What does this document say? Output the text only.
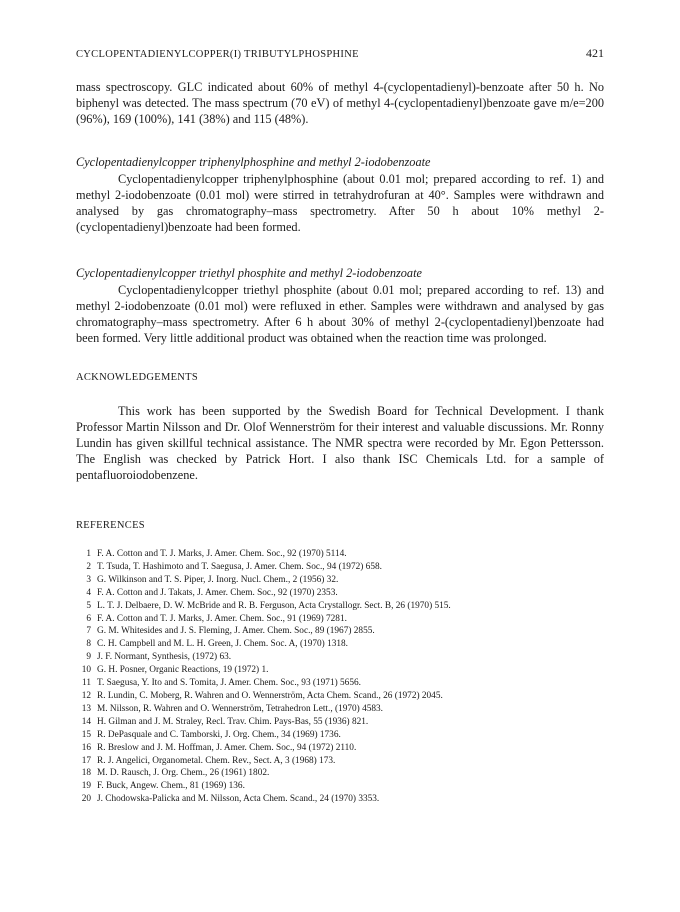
CYCLOPENTADIENYLCOPPER(I) TRIBUTYLPHOSPHINE	421

mass spectroscopy. GLC indicated about 60% of methyl 4-(cyclopentadienyl)-benzoate after 50 h. No biphenyl was detected. The mass spectrum (70 eV) of methyl 4-(cyclopentadienyl)benzoate gave m/e=200 (96%), 169 (100%), 141 (38%) and 115 (48%).

Cyclopentadienylcopper triphenylphosphine and methyl 2-iodobenzoate

Cyclopentadienylcopper triphenylphosphine (about 0.01 mol; prepared according to ref. 1) and methyl 2-iodobenzoate (0.01 mol) were stirred in tetrahydrofuran at 40°. Samples were withdrawn and analysed by gas chromatography–mass spectrometry. After 50 h about 10% methyl 2-(cyclopentadienyl)benzoate had been formed.

Cyclopentadienylcopper triethyl phosphite and methyl 2-iodobenzoate

Cyclopentadienylcopper triethyl phosphite (about 0.01 mol; prepared according to ref. 13) and methyl 2-iodobenzoate (0.01 mol) were refluxed in ether. Samples were withdrawn and analysed by gas chromatography–mass spectrometry. After 6 h about 30% of methyl 2-(cyclopentadienyl)benzoate had been formed. Very little additional product was obtained when the reaction time was prolonged.

ACKNOWLEDGEMENTS

This work has been supported by the Swedish Board for Technical Development. I thank Professor Martin Nilsson and Dr. Olof Wennerström for their interest and valuable discussions. Mr. Ronny Lundin has given skillful technical assistance. The NMR spectra were recorded by Mr. Egon Pettersson. The English was checked by Patrick Hort. I also thank ISC Chemicals Ltd. for a sample of pentafluoroiodobenzene.

REFERENCES
1 F. A. Cotton and T. J. Marks, J. Amer. Chem. Soc., 92 (1970) 5114.
2 T. Tsuda, T. Hashimoto and T. Saegusa, J. Amer. Chem. Soc., 94 (1972) 658.
3 G. Wilkinson and T. S. Piper, J. Inorg. Nucl. Chem., 2 (1956) 32.
4 F. A. Cotton and J. Takats, J. Amer. Chem. Soc., 92 (1970) 2353.
5 L. T. J. Delbaere, D. W. McBride and R. B. Ferguson, Acta Crystallogr. Sect. B, 26 (1970) 515.
6 F. A. Cotton and T. J. Marks, J. Amer. Chem. Soc., 91 (1969) 7281.
7 G. M. Whitesides and J. S. Fleming, J. Amer. Chem. Soc., 89 (1967) 2855.
8 C. H. Campbell and M. L. H. Green, J. Chem. Soc. A, (1970) 1318.
9 J. F. Normant, Synthesis, (1972) 63.
10 G. H. Posner, Organic Reactions, 19 (1972) 1.
11 T. Saegusa, Y. Ito and S. Tomita, J. Amer. Chem. Soc., 93 (1971) 5656.
12 R. Lundin, C. Moberg, R. Wahren and O. Wennerström, Acta Chem. Scand., 26 (1972) 2045.
13 M. Nilsson, R. Wahren and O. Wennerström, Tetrahedron Lett., (1970) 4583.
14 H. Gilman and J. M. Straley, Recl. Trav. Chim. Pays-Bas, 55 (1936) 821.
15 R. DePasquale and C. Tamborski, J. Org. Chem., 34 (1969) 1736.
16 R. Breslow and J. M. Hoffman, J. Amer. Chem. Soc., 94 (1972) 2110.
17 R. J. Angelici, Organometal. Chem. Rev., Sect. A, 3 (1968) 173.
18 M. D. Rausch, J. Org. Chem., 26 (1961) 1802.
19 F. Buck, Angew. Chem., 81 (1969) 136.
20 J. Chodowska-Palicka and M. Nilsson, Acta Chem. Scand., 24 (1970) 3353.
